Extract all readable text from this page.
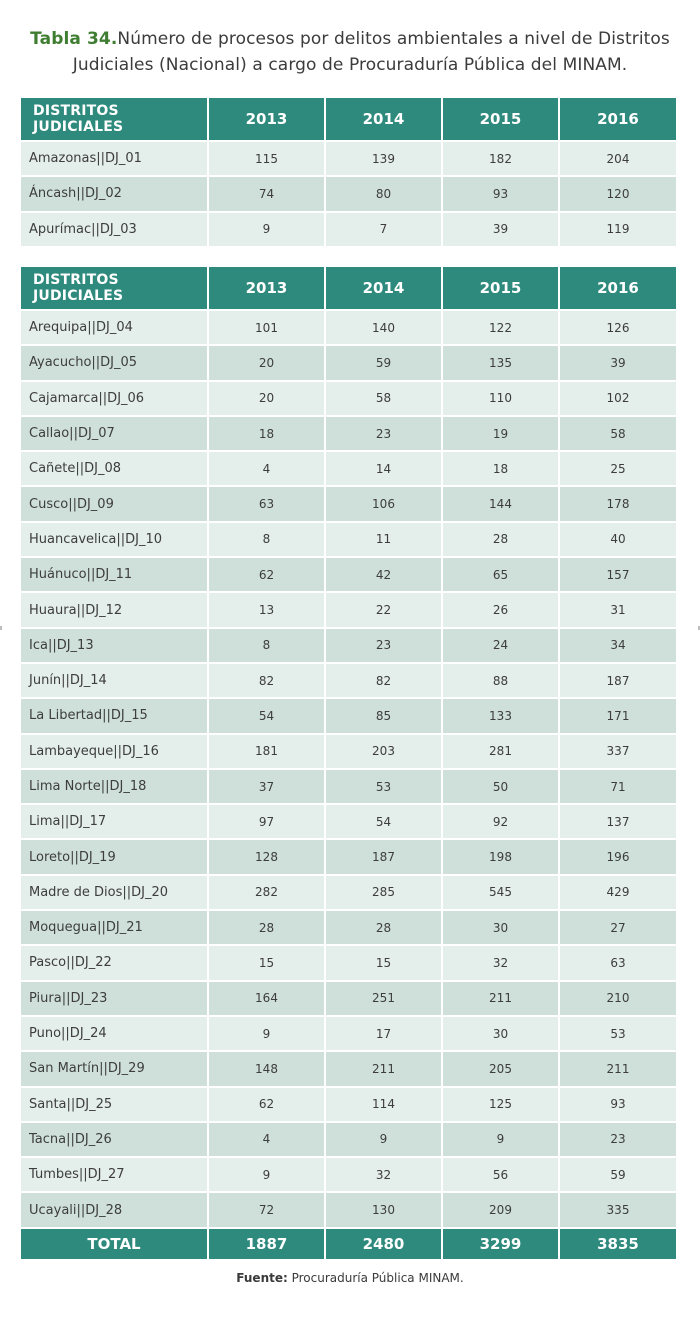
Tabla 34.Número de procesos por delitos ambientales a nivel de Distritos Judiciales (Nacional) a cargo de Procuraduría Pública del MINAM.
DISTRITOS JUDICIALES	2013	2014	2015	2016
Amazonas||DJ_01	115	139	182	204
Áncash||DJ_02	74	80	93	120
Apurímac||DJ_03	9	7	39	119
DISTRITOS JUDICIALES	2013	2014	2015	2016
Arequipa||DJ_04	101	140	122	126
Ayacucho||DJ_05	20	59	135	39
Cajamarca||DJ_06	20	58	110	102
Callao||DJ_07	18	23	19	58
Cañete||DJ_08	4	14	18	25
Cusco||DJ_09	63	106	144	178
Huancavelica||DJ_10	8	11	28	40
Huánuco||DJ_11	62	42	65	157
Huaura||DJ_12	13	22	26	31
Ica||DJ_13	8	23	24	34
Junín||DJ_14	82	82	88	187
La Libertad||DJ_15	54	85	133	171
Lambayeque||DJ_16	181	203	281	337
Lima Norte||DJ_18	37	53	50	71
Lima||DJ_17	97	54	92	137
Loreto||DJ_19	128	187	198	196
Madre de Dios||DJ_20	282	285	545	429
Moquegua||DJ_21	28	28	30	27
Pasco||DJ_22	15	15	32	63
Piura||DJ_23	164	251	211	210
Puno||DJ_24	9	17	30	53
San Martín||DJ_29	148	211	205	211
Santa||DJ_25	62	114	125	93
Tacna||DJ_26	4	9	9	23
Tumbes||DJ_27	9	32	56	59
Ucayali||DJ_28	72	130	209	335
TOTAL	1887	2480	3299	3835
Fuente: Procuraduría Pública MINAM.
